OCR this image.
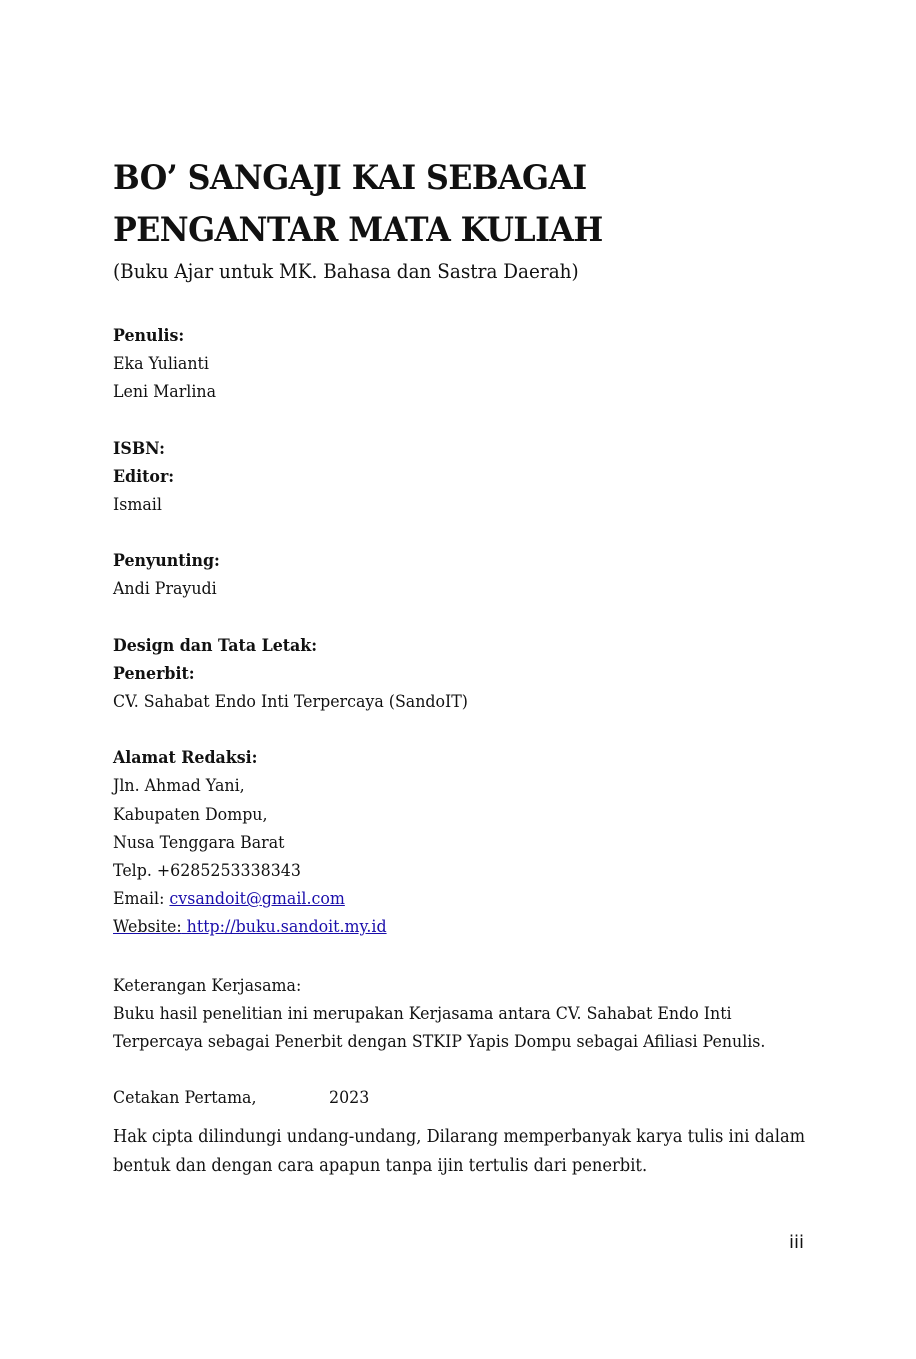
BO’ SANGAJI KAI SEBAGAI
PENGANTAR MATA KULIAH

(Buku Ajar untuk MK. Bahasa dan Sastra Daerah)

Penulis:
Eka Yulianti
Leni Marlina
ISBN:
Editor:
Ismail
Penyunting:
Andi Prayudi
Design dan Tata Letak:
Penerbit:
CV. Sahabat Endo Inti Terpercaya (SandoIT)
Alamat Redaksi:
Jln. Ahmad Yani,
Kabupaten Dompu,
Nusa Tenggara Barat
Telp. +6285253338343
Email: cvsandoit@gmail.com
Website: http://buku.sandoit.my.id
Keterangan Kerjasama:
Buku hasil penelitian ini merupakan Kerjasama antara CV. Sahabat Endo Inti Terpercaya sebagai Penerbit dengan STKIP Yapis Dompu sebagai Afiliasi Penulis.

Cetakan Pertama,	2023

Hak cipta dilindungi undang-undang, Dilarang memperbanyak karya tulis ini dalam bentuk dan dengan cara apapun tanpa ijin tertulis dari penerbit.

iii
